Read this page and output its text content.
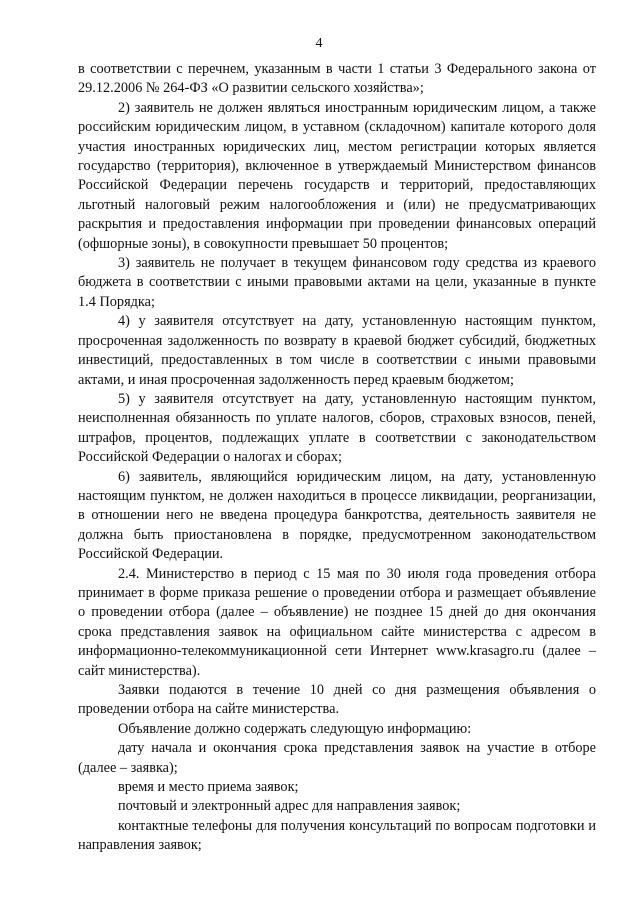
4

в соответствии с перечнем, указанным в части 1 статьи 3 Федерального закона от 29.12.2006 № 264-ФЗ «О развитии сельского хозяйства»;

2) заявитель не должен являться иностранным юридическим лицом, а также российским юридическим лицом, в уставном (складочном) капитале которого доля участия иностранных юридических лиц, местом регистрации которых является государство (территория), включенное в утверждаемый Министерством финансов Российской Федерации перечень государств и территорий, предоставляющих льготный налоговый режим налогообложения и (или) не предусматривающих раскрытия и предоставления информации при проведении финансовых операций (офшорные зоны), в совокупности превышает 50 процентов;

3) заявитель не получает в текущем финансовом году средства из краевого бюджета в соответствии с иными правовыми актами на цели, указанные в пункте 1.4 Порядка;

4) у заявителя отсутствует на дату, установленную настоящим пунктом, просроченная задолженность по возврату в краевой бюджет субсидий, бюджетных инвестиций, предоставленных в том числе в соответствии с иными правовыми актами, и иная просроченная задолженность перед краевым бюджетом;

5) у заявителя отсутствует на дату, установленную настоящим пунктом, неисполненная обязанность по уплате налогов, сборов, страховых взносов, пеней, штрафов, процентов, подлежащих уплате в соответствии с законодательством Российской Федерации о налогах и сборах;

6) заявитель, являющийся юридическим лицом, на дату, установленную настоящим пунктом, не должен находиться в процессе ликвидации, реорганизации, в отношении него не введена процедура банкротства, деятельность заявителя не должна быть приостановлена в порядке, предусмотренном законодательством Российской Федерации.

2.4. Министерство в период с 15 мая по 30 июля года проведения отбора принимает в форме приказа решение о проведении отбора и размещает объявление о проведении отбора (далее – объявление) не позднее 15 дней до дня окончания срока представления заявок на официальном сайте министерства с адресом в информационно-телекоммуникационной сети Интернет www.krasagro.ru (далее – сайт министерства).

Заявки подаются в течение 10 дней со дня размещения объявления о проведении отбора на сайте министерства.

Объявление должно содержать следующую информацию:

дату начала и окончания срока представления заявок на участие в отборе (далее – заявка);

время и место приема заявок;

почтовый и электронный адрес для направления заявок;

контактные телефоны для получения консультаций по вопросам подготовки и направления заявок;
